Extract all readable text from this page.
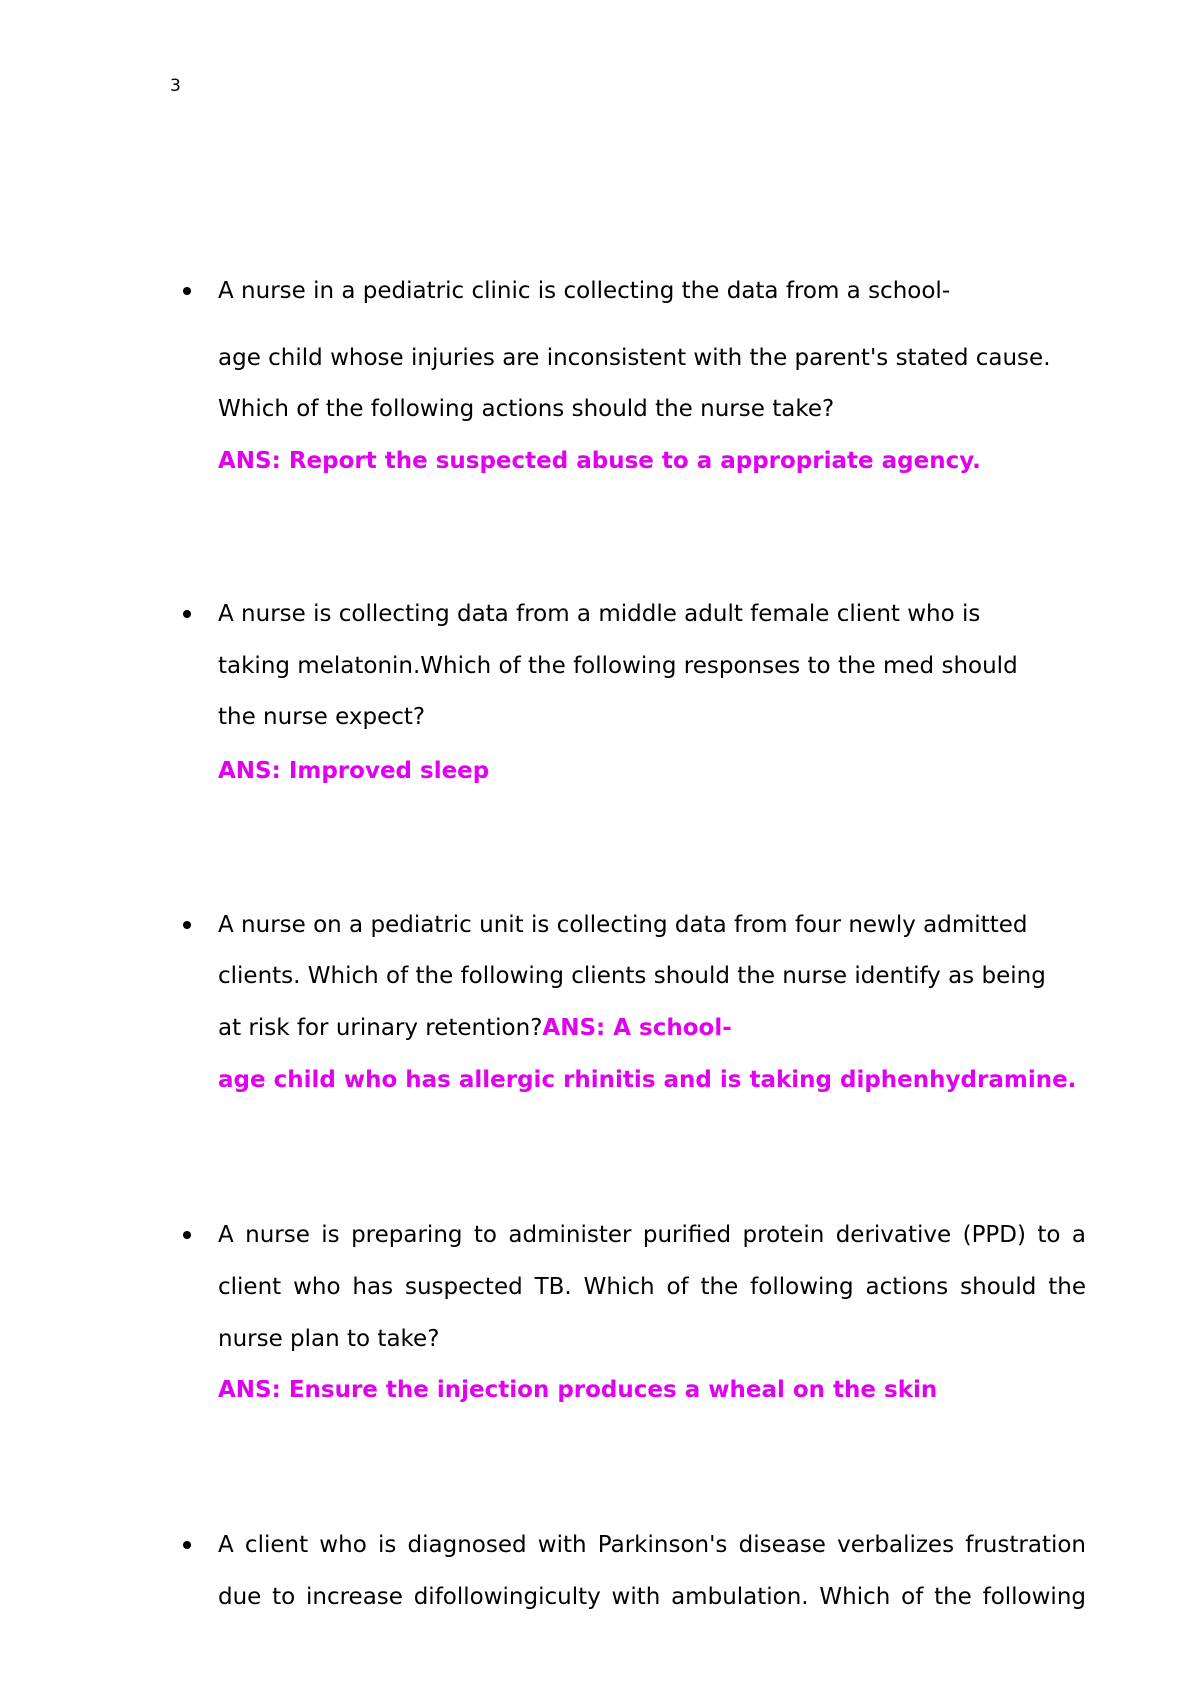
3
A nurse in a pediatric clinic is collecting the data from a school-
age child whose injuries are inconsistent with the parent's stated cause.
Which of the following actions should the nurse take?
ANS: Report the suspected abuse to a appropriate agency.
A nurse is collecting data from a middle adult female client who is
taking melatonin.Which of the following responses to the med should
the nurse expect?
ANS: Improved sleep
A nurse on a pediatric unit is collecting data from four newly admitted
clients. Which of the following clients should the nurse identify as being
at risk for urinary retention?ANS: A school-
age child who has allergic rhinitis and is taking diphenhydramine.
A nurse is preparing to administer purified protein derivative (PPD) to a
client who has suspected TB. Which of the following actions should the
nurse plan to take?
ANS: Ensure the injection produces a wheal on the skin
A client who is diagnosed with Parkinson's disease verbalizes frustration
due to increase difollowingiculty with ambulation. Which of the following
